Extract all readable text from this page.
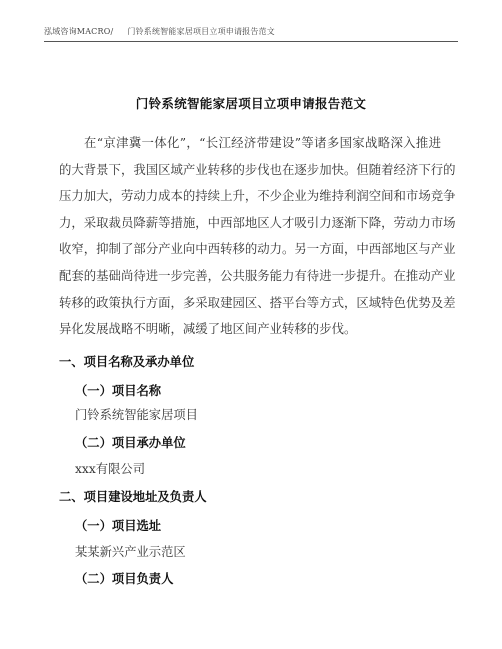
泓域咨询MACRO/ 门铃系统智能家居项目立项申请报告范文
门铃系统智能家居项目立项申请报告范文
在“京津冀一体化”，“长江经济带建设”等诸多国家战略深入推进
的大背景下，我国区域产业转移的步伐也在逐步加快。但随着经济下行的
压力加大，劳动力成本的持续上升，不少企业为维持利润空间和市场竞争
力，采取裁员降薪等措施，中西部地区人才吸引力逐渐下降，劳动力市场
收窄，抑制了部分产业向中西转移的动力。另一方面，中西部地区与产业
配套的基础尚待进一步完善，公共服务能力有待进一步提升。在推动产业
转移的政策执行方面，多采取建园区、搭平台等方式，区域特色优势及差
异化发展战略不明晰，减缓了地区间产业转移的步伐。
一、项目名称及承办单位
（一）项目名称
门铃系统智能家居项目
（二）项目承办单位
xxx有限公司
二、项目建设地址及负责人
（一）项目选址
某某新兴产业示范区
（二）项目负责人
